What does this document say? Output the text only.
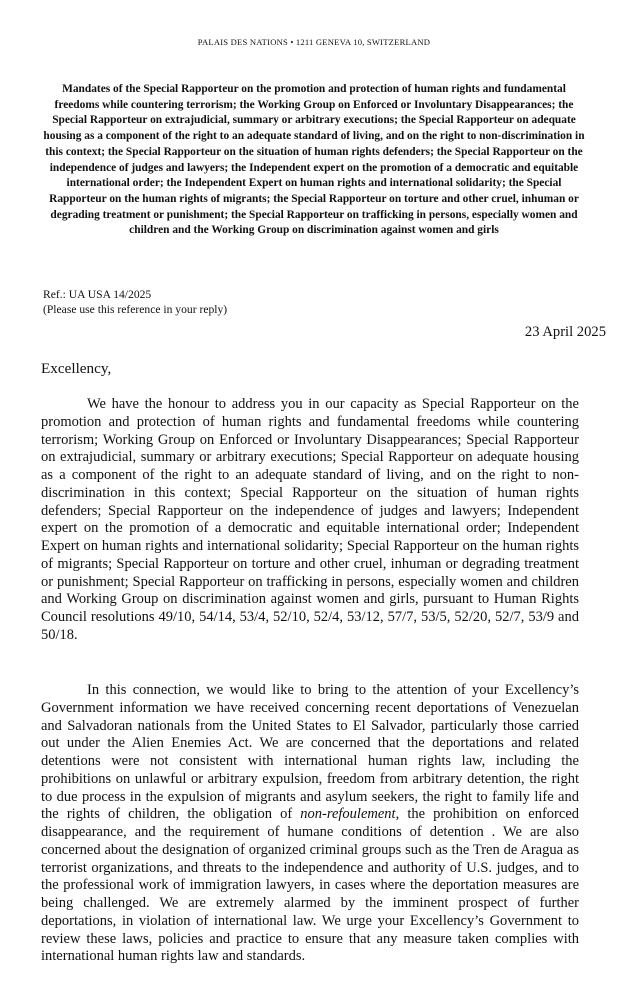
PALAIS DES NATIONS • 1211 GENEVA 10, SWITZERLAND
Mandates of the Special Rapporteur on the promotion and protection of human rights and fundamental freedoms while countering terrorism; the Working Group on Enforced or Involuntary Disappearances; the Special Rapporteur on extrajudicial, summary or arbitrary executions; the Special Rapporteur on adequate housing as a component of the right to an adequate standard of living, and on the right to non-discrimination in this context; the Special Rapporteur on the situation of human rights defenders; the Special Rapporteur on the independence of judges and lawyers; the Independent expert on the promotion of a democratic and equitable international order; the Independent Expert on human rights and international solidarity; the Special Rapporteur on the human rights of migrants; the Special Rapporteur on torture and other cruel, inhuman or degrading treatment or punishment; the Special Rapporteur on trafficking in persons, especially women and children and the Working Group on discrimination against women and girls
Ref.: UA USA 14/2025
(Please use this reference in your reply)
23 April 2025
Excellency,

We have the honour to address you in our capacity as Special Rapporteur on the promotion and protection of human rights and fundamental freedoms while countering terrorism; Working Group on Enforced or Involuntary Disappearances; Special Rapporteur on extrajudicial, summary or arbitrary executions; Special Rapporteur on adequate housing as a component of the right to an adequate standard of living, and on the right to non-discrimination in this context; Special Rapporteur on the situation of human rights defenders; Special Rapporteur on the independence of judges and lawyers; Independent expert on the promotion of a democratic and equitable international order; Independent Expert on human rights and international solidarity; Special Rapporteur on the human rights of migrants; Special Rapporteur on torture and other cruel, inhuman or degrading treatment or punishment; Special Rapporteur on trafficking in persons, especially women and children and Working Group on discrimination against women and girls, pursuant to Human Rights Council resolutions 49/10, 54/14, 53/4, 52/10, 52/4, 53/12, 57/7, 53/5, 52/20, 52/7, 53/9 and 50/18.

In this connection, we would like to bring to the attention of your Excellency’s Government information we have received concerning recent deportations of Venezuelan and Salvadoran nationals from the United States to El Salvador, particularly those carried out under the Alien Enemies Act. We are concerned that the deportations and related detentions were not consistent with international human rights law, including the prohibitions on unlawful or arbitrary expulsion, freedom from arbitrary detention, the right to due process in the expulsion of migrants and asylum seekers, the right to family life and the rights of children, the obligation of non-refoulement, the prohibition on enforced disappearance, and the requirement of humane conditions of detention . We are also concerned about the designation of organized criminal groups such as the Tren de Aragua as terrorist organizations, and threats to the independence and authority of U.S. judges, and to the professional work of immigration lawyers, in cases where the deportation measures are being challenged. We are extremely alarmed by the imminent prospect of further deportations, in violation of international law. We urge your Excellency’s Government to review these laws, policies and practice to ensure that any measure taken complies with international human rights law and standards.
